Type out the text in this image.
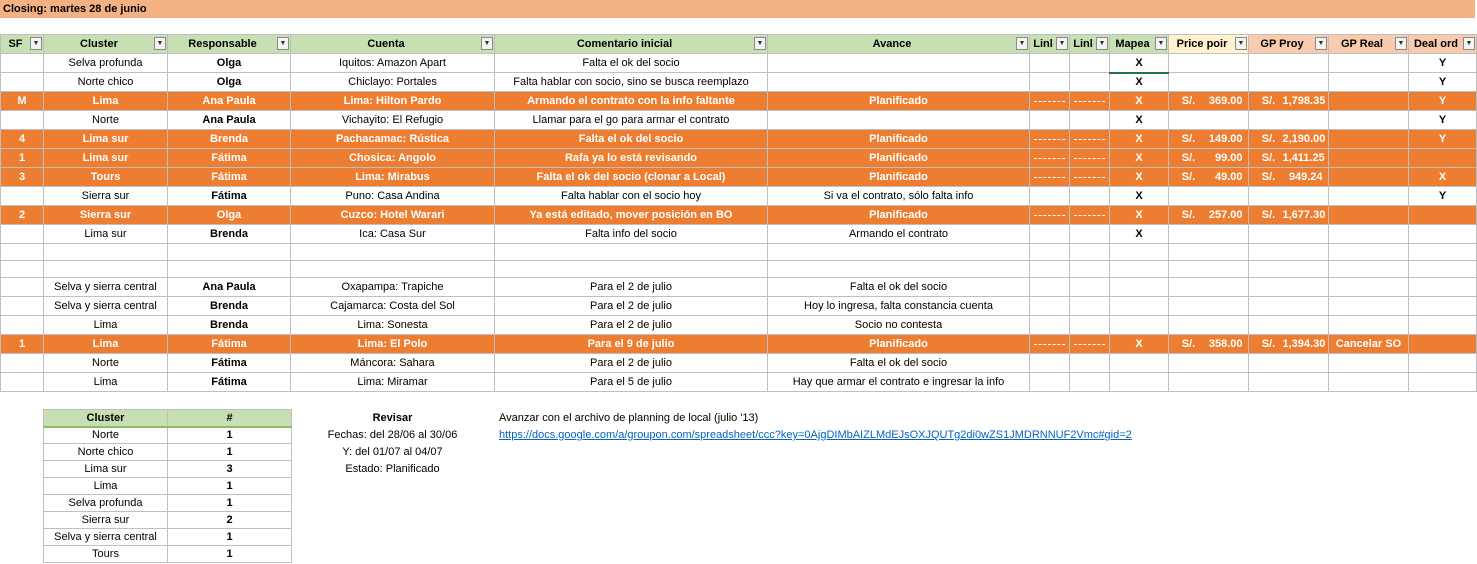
Closing: martes 28 de junio
SF ▼	Cluster ▼	Responsable ▼	Cuenta ▼	Comentario inicial ▼	Avance ▼	Linl ▼	Linl ▼	Mapea ▼	Price poir ▼	GP Proy ▼	GP Real ▼	Deal ord ▼

	Selva profunda	Olga	Iquitos: Amazon Apart	Falta el ok del socio				X				Y
	Norte chico	Olga	Chiclayo: Portales	Falta hablar con socio, sino se busca reemplazo				X				Y
M	Lima	Ana Paula	Lima: Hilton Pardo	Armando el contrato con la info faltante	Planificado			X	S/. 369.00	S/. 1,798.35		Y
	Norte	Ana Paula	Vichayito: El Refugio	Llamar para el go para armar el contrato				X				Y
4	Lima sur	Brenda	Pachacamac: Rústica	Falta el ok del socio	Planificado			X	S/. 149.00	S/. 2,190.00		Y
1	Lima sur	Fátima	Chosica: Angolo	Rafa ya lo está revisando	Planificado			X	S/. 99.00	S/. 1,411.25		
3	Tours	Fátima	Lima: Mirabus	Falta el ok del socio (clonar a Local)	Planificado			X	S/. 49.00	S/. 949.24		X
	Sierra sur	Fátima	Puno: Casa Andina	Falta hablar con el socio hoy	Si va el contrato, sólo falta info			X				Y
2	Sierra sur	Olga	Cuzco: Hotel Warari	Ya está editado, mover posición en BO	Planificado			X	S/. 257.00	S/. 1,677.30		
	Lima sur	Brenda	Ica: Casa Sur	Falta info del socio	Armando el contrato			X				

	Selva y sierra central	Ana Paula	Oxapampa: Trapiche	Para el 2 de julio	Falta el ok del socio							
	Selva y sierra central	Brenda	Cajamarca: Costa del Sol	Para el 2 de julio	Hoy lo ingresa, falta constancia cuenta							
	Lima	Brenda	Lima: Sonesta	Para el 2 de julio	Socio no contesta							
1	Lima	Fátima	Lima: El Polo	Para el 9 de julio	Planificado			X	S/. 358.00	S/. 1,394.30	Cancelar SO	
	Norte	Fátima	Máncora: Sahara	Para el 2 de julio	Falta el ok del socio							
	Lima	Fátima	Lima: Miramar	Para el 5 de julio	Hay que armar el contrato e ingresar la info							
Cluster	#
Norte	1
Norte chico	1
Lima sur	3
Lima	1
Selva profunda	1
Sierra sur	2
Selva y sierra central	1
Tours	1
Revisar
Fechas: del 28/06 al 30/06
Y: del 01/07 al 04/07
Estado: Planificado
Avanzar con el archivo de planning de local (julio '13)
https://docs.google.com/a/groupon.com/spreadsheet/ccc?key=0AjgDIMbAIZLMdEJsOXJQUTg2di0wZS1JMDRNNUF2Vmc#gid=2
